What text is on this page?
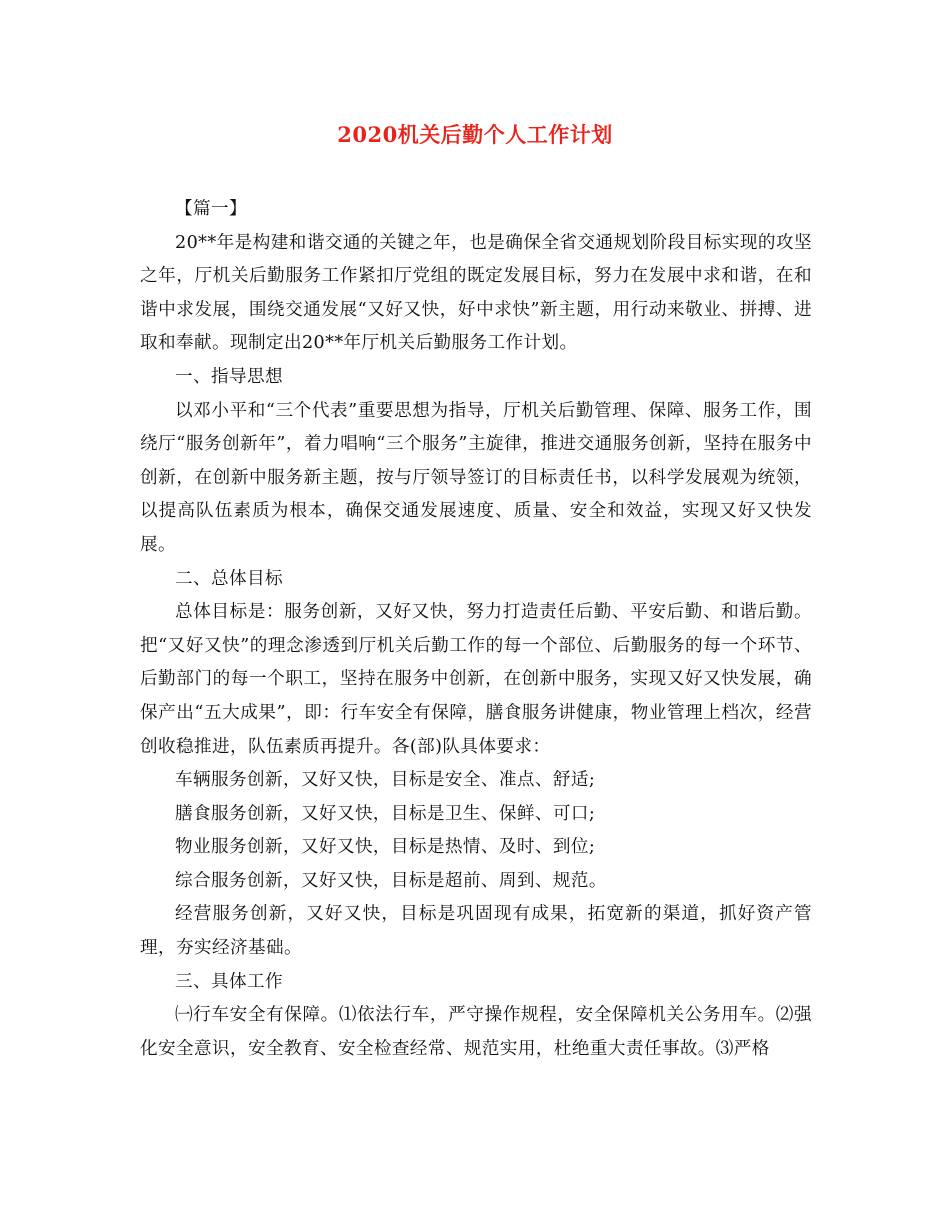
2020机关后勤个人工作计划

【篇一】

20**年是构建和谐交通的关键之年，也是确保全省交通规划阶段目标实现的攻坚之年，厅机关后勤服务工作紧扣厅党组的既定发展目标，努力在发展中求和谐，在和谐中求发展，围绕交通发展“又好又快，好中求快”新主题，用行动来敬业、拼搏、进取和奉献。现制定出20**年厅机关后勤服务工作计划。

一、指导思想

以邓小平和“三个代表”重要思想为指导，厅机关后勤管理、保障、服务工作，围绕厅“服务创新年”，着力唱响“三个服务”主旋律，推进交通服务创新，坚持在服务中创新，在创新中服务新主题，按与厅领导签订的目标责任书，以科学发展观为统领，以提高队伍素质为根本，确保交通发展速度、质量、安全和效益，实现又好又快发展。

二、总体目标

总体目标是：服务创新，又好又快，努力打造责任后勤、平安后勤、和谐后勤。把“又好又快”的理念渗透到厅机关后勤工作的每一个部位、后勤服务的每一个环节、后勤部门的每一个职工，坚持在服务中创新，在创新中服务，实现又好又快发展，确保产出“五大成果”，即：行车安全有保障，膳食服务讲健康，物业管理上档次，经营创收稳推进，队伍素质再提升。各(部)队具体要求：

车辆服务创新，又好又快，目标是安全、准点、舒适;

膳食服务创新，又好又快，目标是卫生、保鲜、可口;

物业服务创新，又好又快，目标是热情、及时、到位;

综合服务创新，又好又快，目标是超前、周到、规范。

经营服务创新，又好又快，目标是巩固现有成果，拓宽新的渠道，抓好资产管理，夯实经济基础。

三、具体工作

㈠行车安全有保障。⑴依法行车，严守操作规程，安全保障机关公务用车。⑵强化安全意识，安全教育、安全检查经常、规范实用，杜绝重大责任事故。⑶严格
